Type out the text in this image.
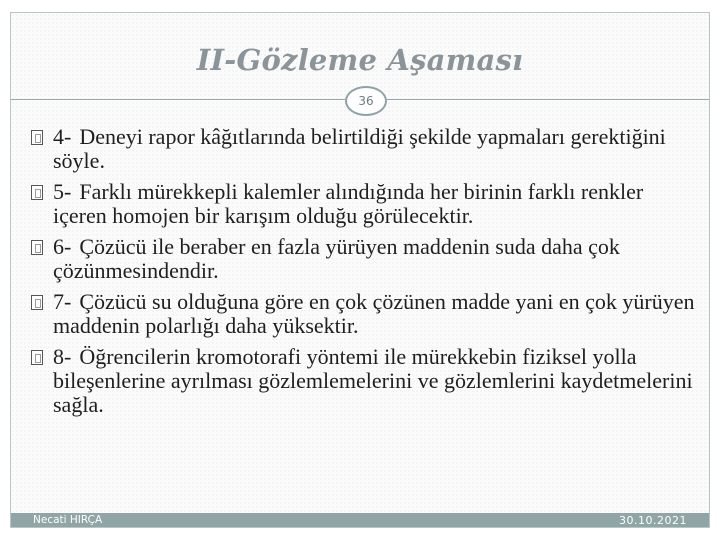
II-Gözleme Aşaması
36
4- Deneyi rapor kâğıtlarında belirtildiği şekilde yapmaları gerektiğini söyle.
5- Farklı mürekkepli kalemler alındığında her birinin farklı renkler içeren homojen bir karışım olduğu görülecektir.
6- Çözücü ile beraber en fazla yürüyen maddenin suda daha çok çözünmesindendir.
7- Çözücü su olduğuna göre en çok çözünen madde yani en çok yürüyen maddenin polarlığı daha yüksektir.
8- Öğrencilerin kromotorafi yöntemi ile mürekkebin fiziksel yolla bileşenlerine ayrılması gözlemlemelerini ve gözlemlerini kaydetmelerini sağla.
Necati HIRÇA	30.10.2021
